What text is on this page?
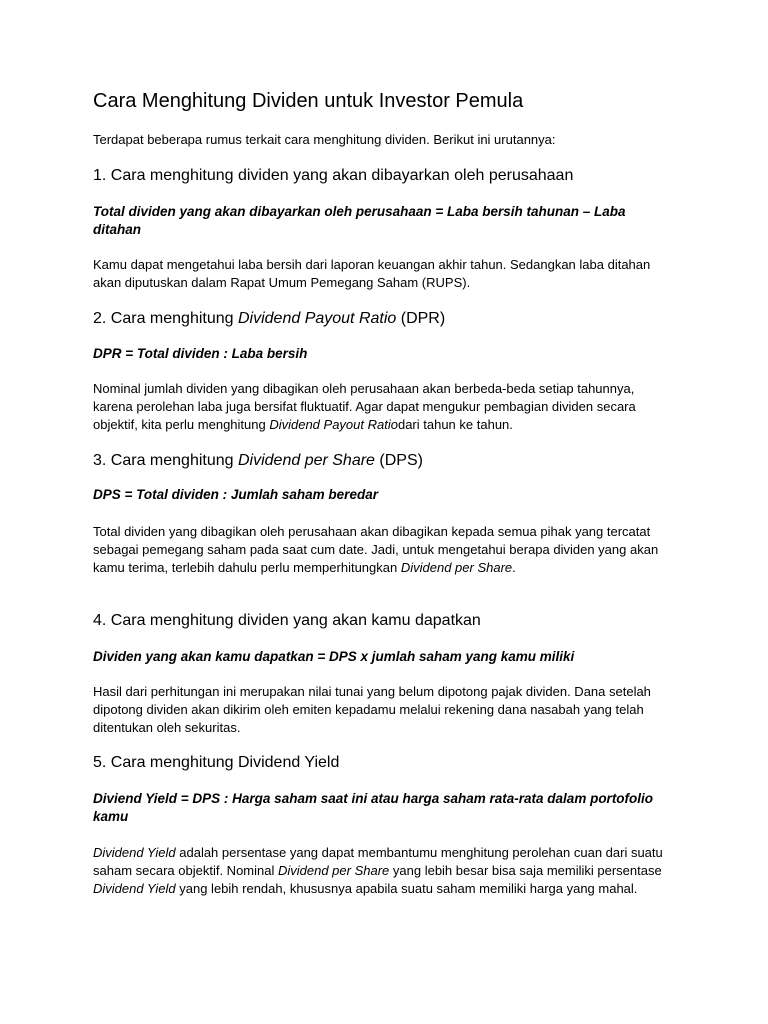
Cara Menghitung Dividen untuk Investor Pemula

Terdapat beberapa rumus terkait cara menghitung dividen. Berikut ini urutannya:

1. Cara menghitung dividen yang akan dibayarkan oleh perusahaan

Total dividen yang akan dibayarkan oleh perusahaan = Laba bersih tahunan – Laba ditahan

Kamu dapat mengetahui laba bersih dari laporan keuangan akhir tahun. Sedangkan laba ditahan akan diputuskan dalam Rapat Umum Pemegang Saham (RUPS).

2. Cara menghitung Dividend Payout Ratio (DPR)

DPR = Total dividen : Laba bersih

Nominal jumlah dividen yang dibagikan oleh perusahaan akan berbeda-beda setiap tahunnya, karena perolehan laba juga bersifat fluktuatif. Agar dapat mengukur pembagian dividen secara objektif, kita perlu menghitung Dividend Payout Ratiodari tahun ke tahun.

3. Cara menghitung Dividend per Share (DPS)

DPS = Total dividen : Jumlah saham beredar

Total dividen yang dibagikan oleh perusahaan akan dibagikan kepada semua pihak yang tercatat sebagai pemegang saham pada saat cum date. Jadi, untuk mengetahui berapa dividen yang akan kamu terima, terlebih dahulu perlu memperhitungkan Dividend per Share.

4. Cara menghitung dividen yang akan kamu dapatkan

Dividen yang akan kamu dapatkan = DPS x jumlah saham yang kamu miliki

Hasil dari perhitungan ini merupakan nilai tunai yang belum dipotong pajak dividen. Dana setelah dipotong dividen akan dikirim oleh emiten kepadamu melalui rekening dana nasabah yang telah ditentukan oleh sekuritas.

5. Cara menghitung Dividend Yield

Diviend Yield = DPS : Harga saham saat ini atau harga saham rata-rata dalam portofolio kamu

Dividend Yield adalah persentase yang dapat membantumu menghitung perolehan cuan dari suatu saham secara objektif. Nominal Dividend per Share yang lebih besar bisa saja memiliki persentase Dividend Yield yang lebih rendah, khususnya apabila suatu saham memiliki harga yang mahal.
